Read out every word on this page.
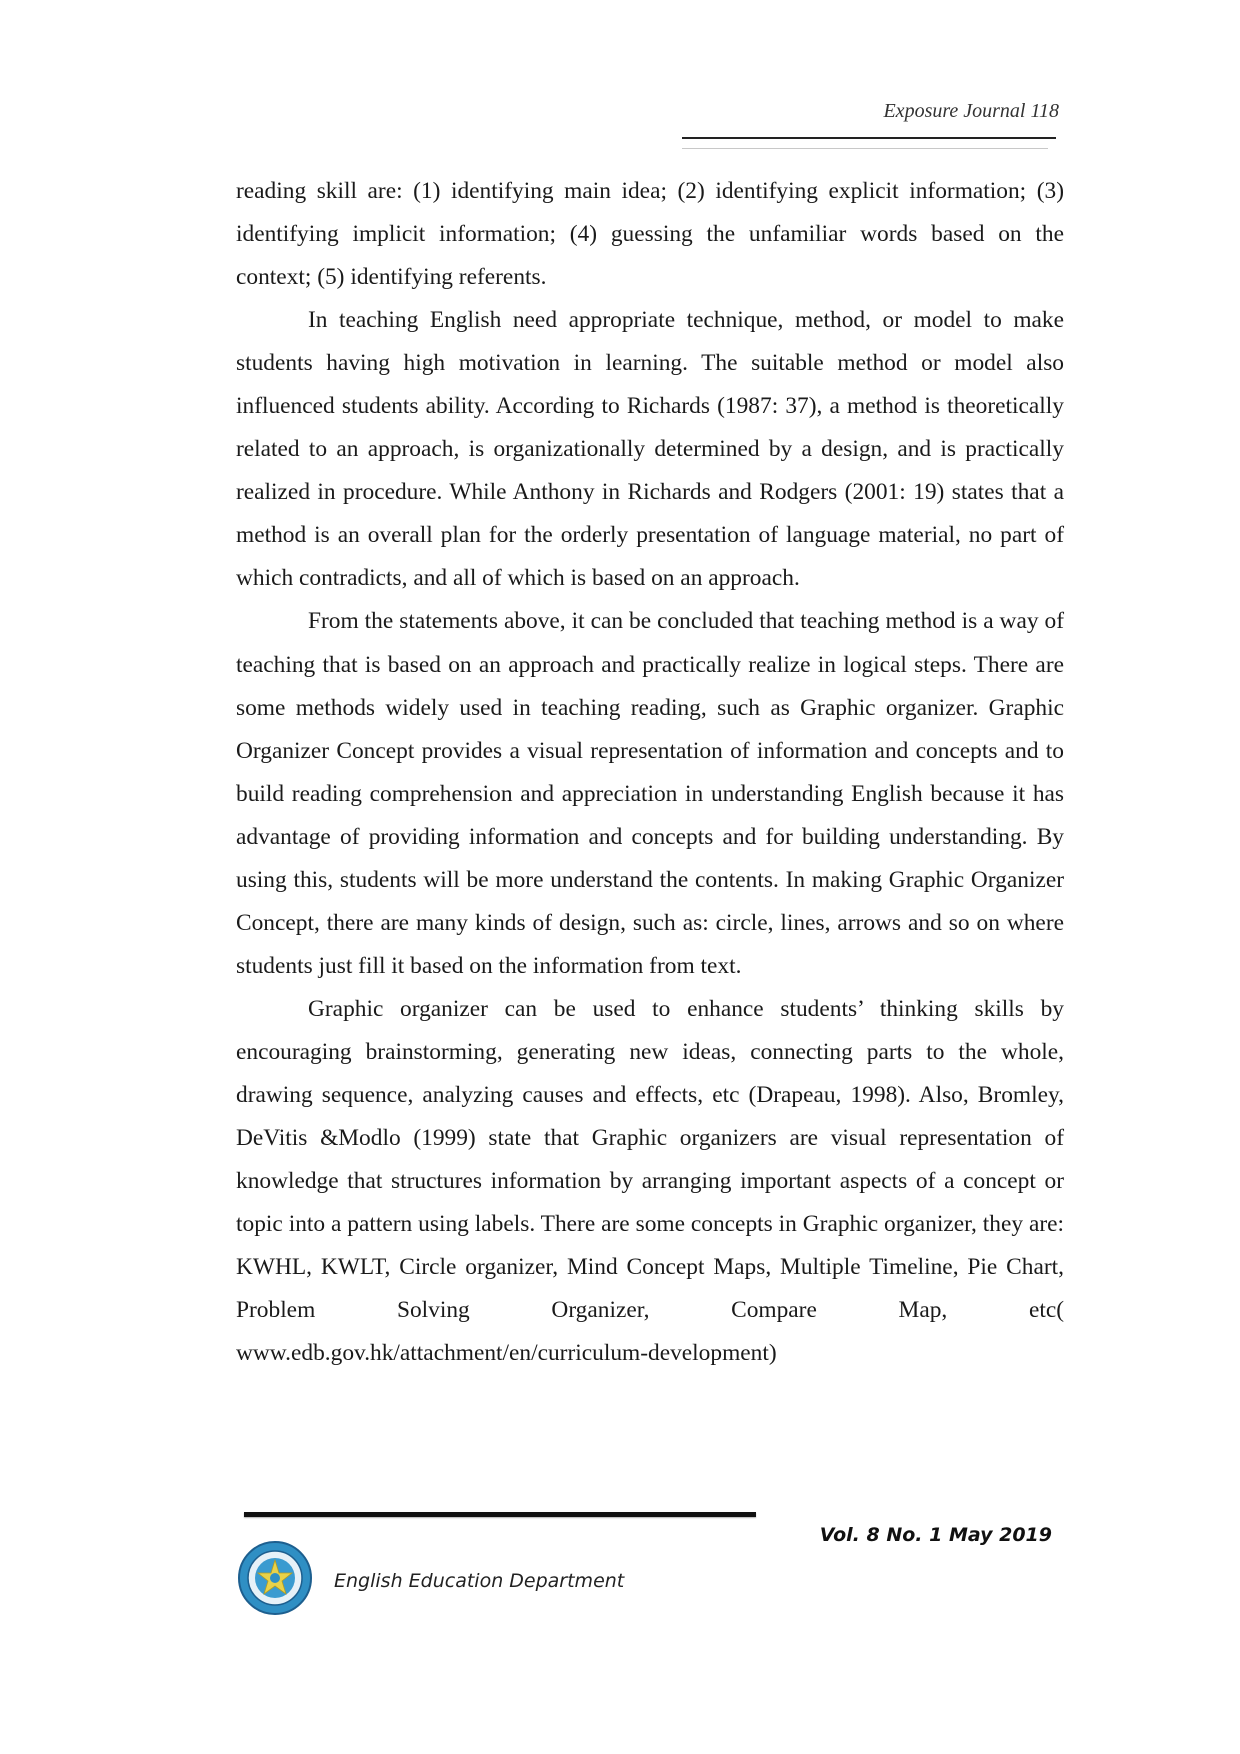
Exposure Journal 118

reading skill are: (1) identifying main idea; (2) identifying explicit information; (3) identifying implicit information; (4) guessing the unfamiliar words based on the context; (5) identifying referents.

In teaching English need appropriate technique, method, or model to make students having high motivation in learning. The suitable method or model also influenced students ability. According to Richards (1987: 37), a method is theoretically related to an approach, is organizationally determined by a design, and is practically realized in procedure. While Anthony in Richards and Rodgers (2001: 19) states that a method is an overall plan for the orderly presentation of language material, no part of which contradicts, and all of which is based on an approach.

From the statements above, it can be concluded that teaching method is a way of teaching that is based on an approach and practically realize in logical steps. There are some methods widely used in teaching reading, such as Graphic organizer. Graphic Organizer Concept provides a visual representation of information and concepts and to build reading comprehension and appreciation in understanding English because it has advantage of providing information and concepts and for building understanding. By using this, students will be more understand the contents. In making Graphic Organizer Concept, there are many kinds of design, such as: circle, lines, arrows and so on where students just fill it based on the information from text.

Graphic organizer can be used to enhance students’ thinking skills by encouraging brainstorming, generating new ideas, connecting parts to the whole, drawing sequence, analyzing causes and effects, etc (Drapeau, 1998). Also, Bromley, DeVitis &Modlo (1999) state that Graphic organizers are visual representation of knowledge that structures information by arranging important aspects of a concept or topic into a pattern using labels. There are some concepts in Graphic organizer, they are: KWHL, KWLT, Circle organizer, Mind Concept Maps, Multiple Timeline, Pie Chart, Problem Solving Organizer, Compare Map, etc( www.edb.gov.hk/attachment/en/curriculum-development)

Vol. 8 No. 1 May 2019
English Education Department
